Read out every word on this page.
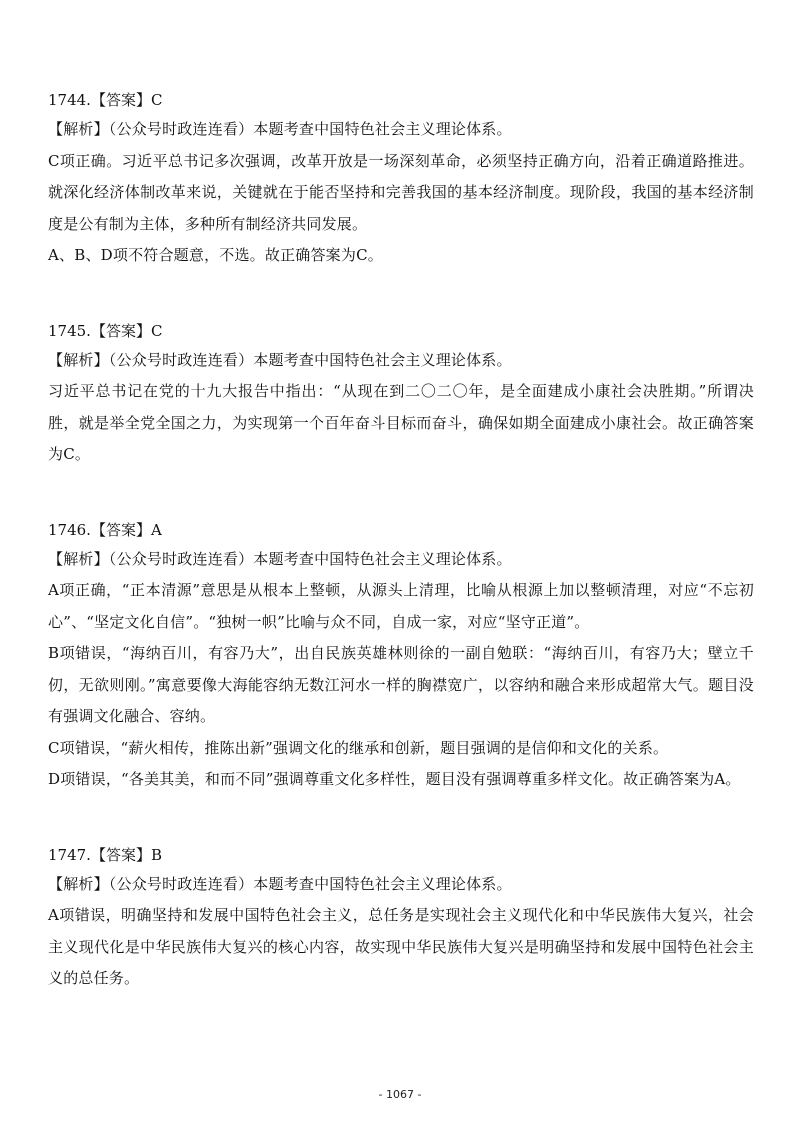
1744.【答案】C

【解析】（公众号时政连连看）本题考查中国特色社会主义理论体系。

C项正确。习近平总书记多次强调，改革开放是一场深刻革命，必须坚持正确方向，沿着正确道路推进。就深化经济体制改革来说，关键就在于能否坚持和完善我国的基本经济制度。现阶段，我国的基本经济制度是公有制为主体，多种所有制经济共同发展。

A、B、D项不符合题意，不选。故正确答案为C。

1745.【答案】C

【解析】（公众号时政连连看）本题考查中国特色社会主义理论体系。

习近平总书记在党的十九大报告中指出：“从现在到二〇二〇年，是全面建成小康社会决胜期。”所谓决胜，就是举全党全国之力，为实现第一个百年奋斗目标而奋斗，确保如期全面建成小康社会。故正确答案为C。

1746.【答案】A

【解析】（公众号时政连连看）本题考查中国特色社会主义理论体系。

A项正确，“正本清源”意思是从根本上整顿，从源头上清理，比喻从根源上加以整顿清理，对应“不忘初心”、“坚定文化自信”。“独树一帜”比喻与众不同，自成一家，对应“坚守正道”。

B项错误，“海纳百川，有容乃大”，出自民族英雄林则徐的一副自勉联：“海纳百川，有容乃大；壁立千仞，无欲则刚。”寓意要像大海能容纳无数江河水一样的胸襟宽广，以容纳和融合来形成超常大气。题目没有强调文化融合、容纳。

C项错误，“薪火相传，推陈出新”强调文化的继承和创新，题目强调的是信仰和文化的关系。

D项错误，“各美其美，和而不同”强调尊重文化多样性，题目没有强调尊重多样文化。故正确答案为A。

1747.【答案】B

【解析】（公众号时政连连看）本题考查中国特色社会主义理论体系。

A项错误，明确坚持和发展中国特色社会主义，总任务是实现社会主义现代化和中华民族伟大复兴，社会主义现代化是中华民族伟大复兴的核心内容，故实现中华民族伟大复兴是明确坚持和发展中国特色社会主义的总任务。

- 1067 -
